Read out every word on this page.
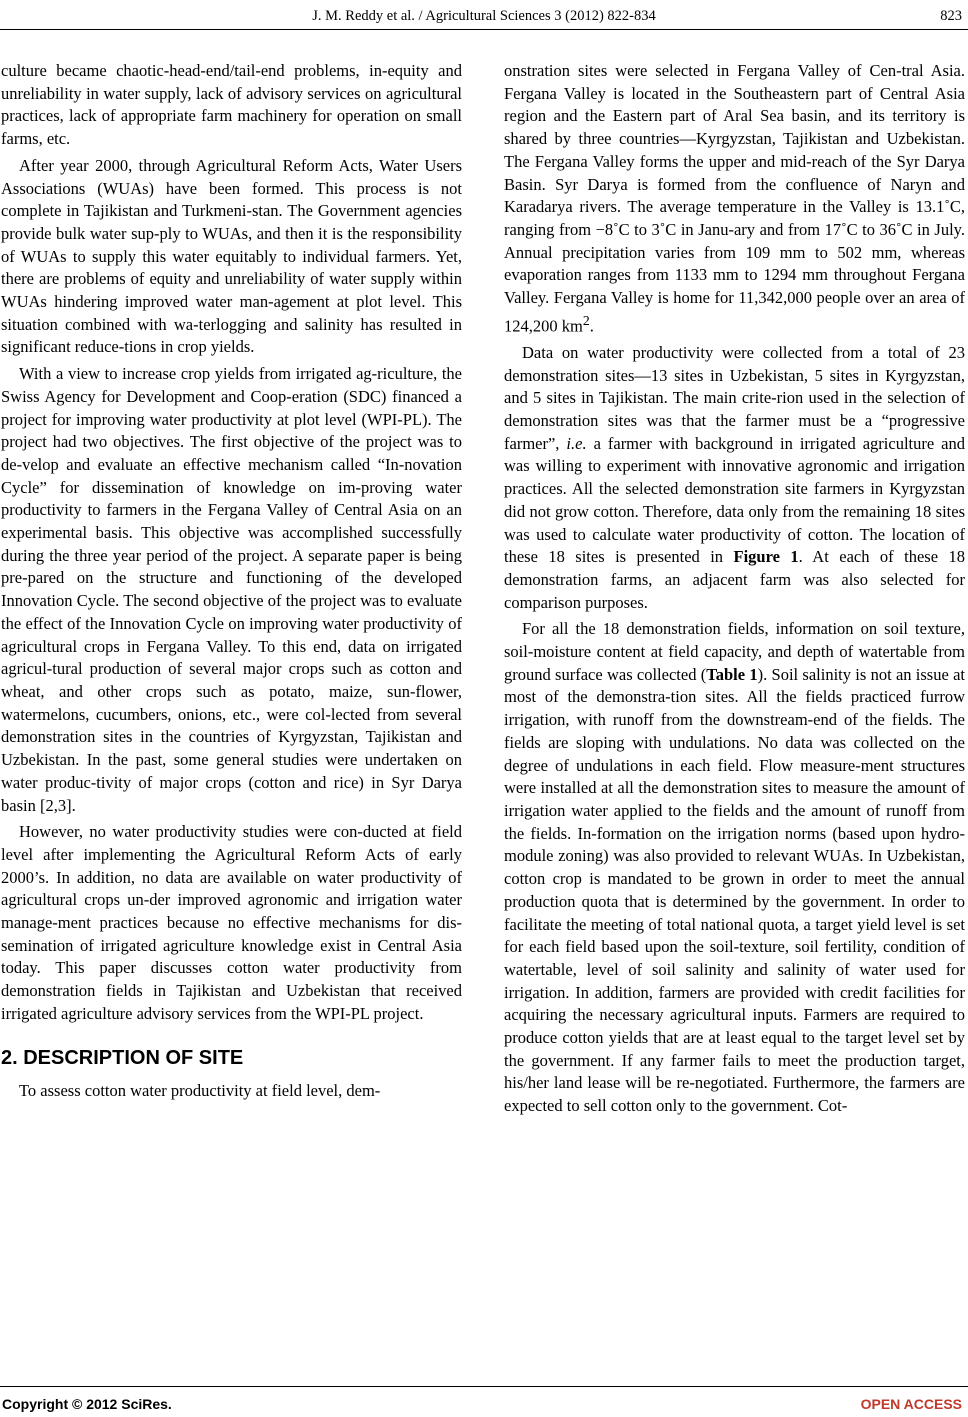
J. M. Reddy et al. / Agricultural Sciences 3 (2012) 822-834	823

culture became chaotic-head-end/tail-end problems, in-equity and unreliability in water supply, lack of advisory services on agricultural practices, lack of appropriate farm machinery for operation on small farms, etc.

After year 2000, through Agricultural Reform Acts, Water Users Associations (WUAs) have been formed. This process is not complete in Tajikistan and Turkmeni-stan. The Government agencies provide bulk water sup-ply to WUAs, and then it is the responsibility of WUAs to supply this water equitably to individual farmers. Yet, there are problems of equity and unreliability of water supply within WUAs hindering improved water man-agement at plot level. This situation combined with wa-terlogging and salinity has resulted in significant reduce-tions in crop yields.

With a view to increase crop yields from irrigated ag-riculture, the Swiss Agency for Development and Coop-eration (SDC) financed a project for improving water productivity at plot level (WPI-PL). The project had two objectives. The first objective of the project was to de-velop and evaluate an effective mechanism called “In-novation Cycle” for dissemination of knowledge on im-proving water productivity to farmers in the Fergana Valley of Central Asia on an experimental basis. This objective was accomplished successfully during the three year period of the project. A separate paper is being pre-pared on the structure and functioning of the developed Innovation Cycle. The second objective of the project was to evaluate the effect of the Innovation Cycle on improving water productivity of agricultural crops in Fergana Valley. To this end, data on irrigated agricul-tural production of several major crops such as cotton and wheat, and other crops such as potato, maize, sun-flower, watermelons, cucumbers, onions, etc., were col-lected from several demonstration sites in the countries of Kyrgyzstan, Tajikistan and Uzbekistan. In the past, some general studies were undertaken on water produc-tivity of major crops (cotton and rice) in Syr Darya basin [2,3].

However, no water productivity studies were con-ducted at field level after implementing the Agricultural Reform Acts of early 2000’s. In addition, no data are available on water productivity of agricultural crops un-der improved agronomic and irrigation water manage-ment practices because no effective mechanisms for dis-semination of irrigated agriculture knowledge exist in Central Asia today. This paper discusses cotton water productivity from demonstration fields in Tajikistan and Uzbekistan that received irrigated agriculture advisory services from the WPI-PL project.

2. DESCRIPTION OF SITE

To assess cotton water productivity at field level, dem-

onstration sites were selected in Fergana Valley of Cen-tral Asia. Fergana Valley is located in the Southeastern part of Central Asia region and the Eastern part of Aral Sea basin, and its territory is shared by three countries—Kyrgyzstan, Tajikistan and Uzbekistan. The Fergana Valley forms the upper and mid-reach of the Syr Darya Basin. Syr Darya is formed from the confluence of Naryn and Karadarya rivers. The average temperature in the Valley is 13.1˚C, ranging from −8˚C to 3˚C in Janu-ary and from 17˚C to 36˚C in July. Annual precipitation varies from 109 mm to 502 mm, whereas evaporation ranges from 1133 mm to 1294 mm throughout Fergana Valley. Fergana Valley is home for 11,342,000 people over an area of 124,200 $km^2$.

Data on water productivity were collected from a total of 23 demonstration sites—13 sites in Uzbekistan, 5 sites in Kyrgyzstan, and 5 sites in Tajikistan. The main crite-rion used in the selection of demonstration sites was that the farmer must be a “progressive farmer”, i.e. a farmer with background in irrigated agriculture and was willing to experiment with innovative agronomic and irrigation practices. All the selected demonstration site farmers in Kyrgyzstan did not grow cotton. Therefore, data only from the remaining 18 sites was used to calculate water productivity of cotton. The location of these 18 sites is presented in Figure 1. At each of these 18 demonstration farms, an adjacent farm was also selected for comparison purposes.

For all the 18 demonstration fields, information on soil texture, soil-moisture content at field capacity, and depth of watertable from ground surface was collected (Table 1). Soil salinity is not an issue at most of the demonstra-tion sites. All the fields practiced furrow irrigation, with runoff from the downstream-end of the fields. The fields are sloping with undulations. No data was collected on the degree of undulations in each field. Flow measure-ment structures were installed at all the demonstration sites to measure the amount of irrigation water applied to the fields and the amount of runoff from the fields. In-formation on the irrigation norms (based upon hydro-module zoning) was also provided to relevant WUAs. In Uzbekistan, cotton crop is mandated to be grown in order to meet the annual production quota that is determined by the government. In order to facilitate the meeting of total national quota, a target yield level is set for each field based upon the soil-texture, soil fertility, condition of watertable, level of soil salinity and salinity of water used for irrigation. In addition, farmers are provided with credit facilities for acquiring the necessary agricultural inputs. Farmers are required to produce cotton yields that are at least equal to the target level set by the government. If any farmer fails to meet the production target, his/her land lease will be re-negotiated. Furthermore, the farmers are expected to sell cotton only to the government. Cot-

Copyright © 2012 SciRes.	OPEN ACCESS
